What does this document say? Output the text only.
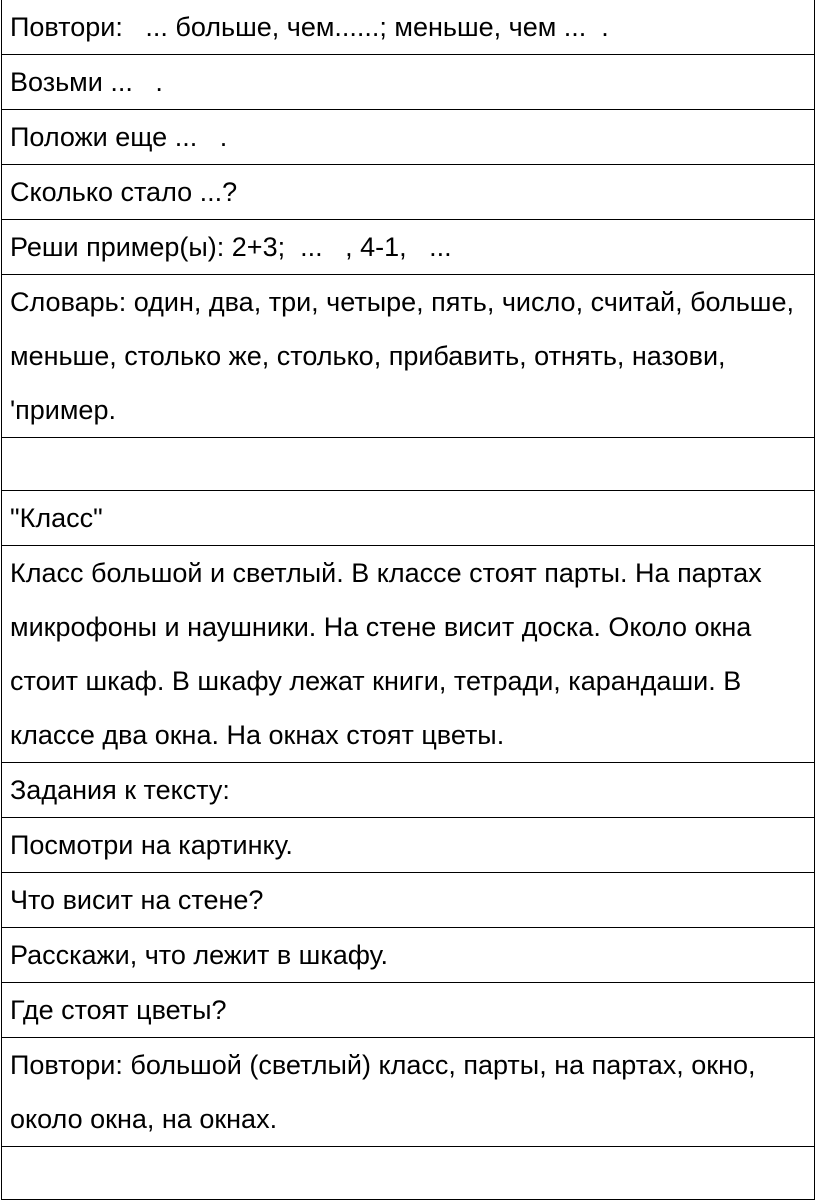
Повтори:   ... больше, чем......; меньше, чем ...  .
Возьми ...   .
Положи еще ...   .
Сколько стало ...?
Реши пример(ы): 2+3;  ...   , 4-1,   ...
Словарь: один, два, три, четыре, пять, число, считай, больше, меньше, столько же, столько, прибавить, отнять, назови, 'пример.

"Класс"
Класс большой и светлый. В классе стоят парты. На партах микрофоны и наушники. На стене висит доска. Около окна стоит шкаф. В шкафу лежат книги, тетради, карандаши. В классе два окна. На окнах стоят цветы.
Задания к тексту:
Посмотри на картинку.
Что висит на стене?
Расскажи, что лежит в шкафу.
Где стоят цветы?
Повтори: большой (светлый) класс, парты, на партах, окно, около окна, на окнах.
